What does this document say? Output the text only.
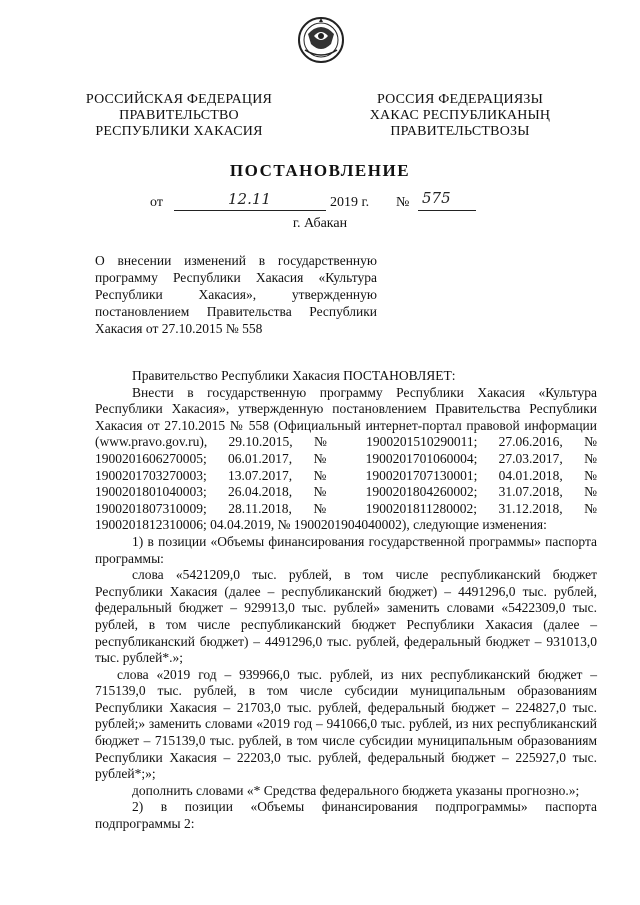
РОССИЙСКАЯ ФЕДЕРАЦИЯ
ПРАВИТЕЛЬСТВО
РЕСПУБЛИКИ ХАКАСИЯ
РОССИЯ ФЕДЕРАЦИЯЗЫ
ХАКАС РЕСПУБЛИКАНЫҢ
ПРАВИТЕЛЬСТВОЗЫ
ПОСТАНОВЛЕНИЕ
от	12.11	2019 г. № 575
г. Абакан
О внесении изменений в государственную программу Республики Хакасия «Культура Республики Хакасия», утвержденную постановлением Правительства Республики Хакасия от 27.10.2015 № 558

Правительство Республики Хакасия ПОСТАНОВЛЯЕТ:

Внести в государственную программу Республики Хакасия «Культура Республики Хакасия», утвержденную постановлением Правительства Республики Хакасия от 27.10.2015 № 558 (Официальный интернет-портал правовой информации (www.pravo.gov.ru), 29.10.2015, № 1900201510290011; 27.06.2016, № 1900201606270005; 06.01.2017, № 1900201701060004; 27.03.2017, № 1900201703270003; 13.07.2017, № 1900201707130001; 04.01.2018, № 1900201801040003; 26.04.2018, № 1900201804260002; 31.07.2018, № 1900201807310009; 28.11.2018, № 1900201811280002; 31.12.2018, № 1900201812310006; 04.04.2019, № 1900201904040002), следующие изменения:

1) в позиции «Объемы финансирования государственной программы» паспорта программы:

слова «5421209,0 тыс. рублей, в том числе республиканский бюджет Республики Хакасия (далее – республиканский бюджет) – 4491296,0 тыс. рублей, федеральный бюджет – 929913,0 тыс. рублей» заменить словами «5422309,0 тыс. рублей, в том числе республиканский бюджет Республики Хакасия (далее – республиканский бюджет) – 4491296,0 тыс. рублей, федеральный бюджет – 931013,0 тыс. рублей*.»;

слова «2019 год – 939966,0 тыс. рублей, из них республиканский бюджет – 715139,0 тыс. рублей, в том числе субсидии муниципальным образованиям Республики Хакасия – 21703,0 тыс. рублей, федеральный бюджет – 224827,0 тыс. рублей;» заменить словами «2019 год – 941066,0 тыс. рублей, из них республиканский бюджет – 715139,0 тыс. рублей, в том числе субсидии муниципальным образованиям Республики Хакасия – 22203,0 тыс. рублей, федеральный бюджет – 225927,0 тыс. рублей*;»;

дополнить словами «* Средства федерального бюджета указаны прогнозно.»;

2) в позиции «Объемы финансирования подпрограммы» паспорта подпрограммы 2:
